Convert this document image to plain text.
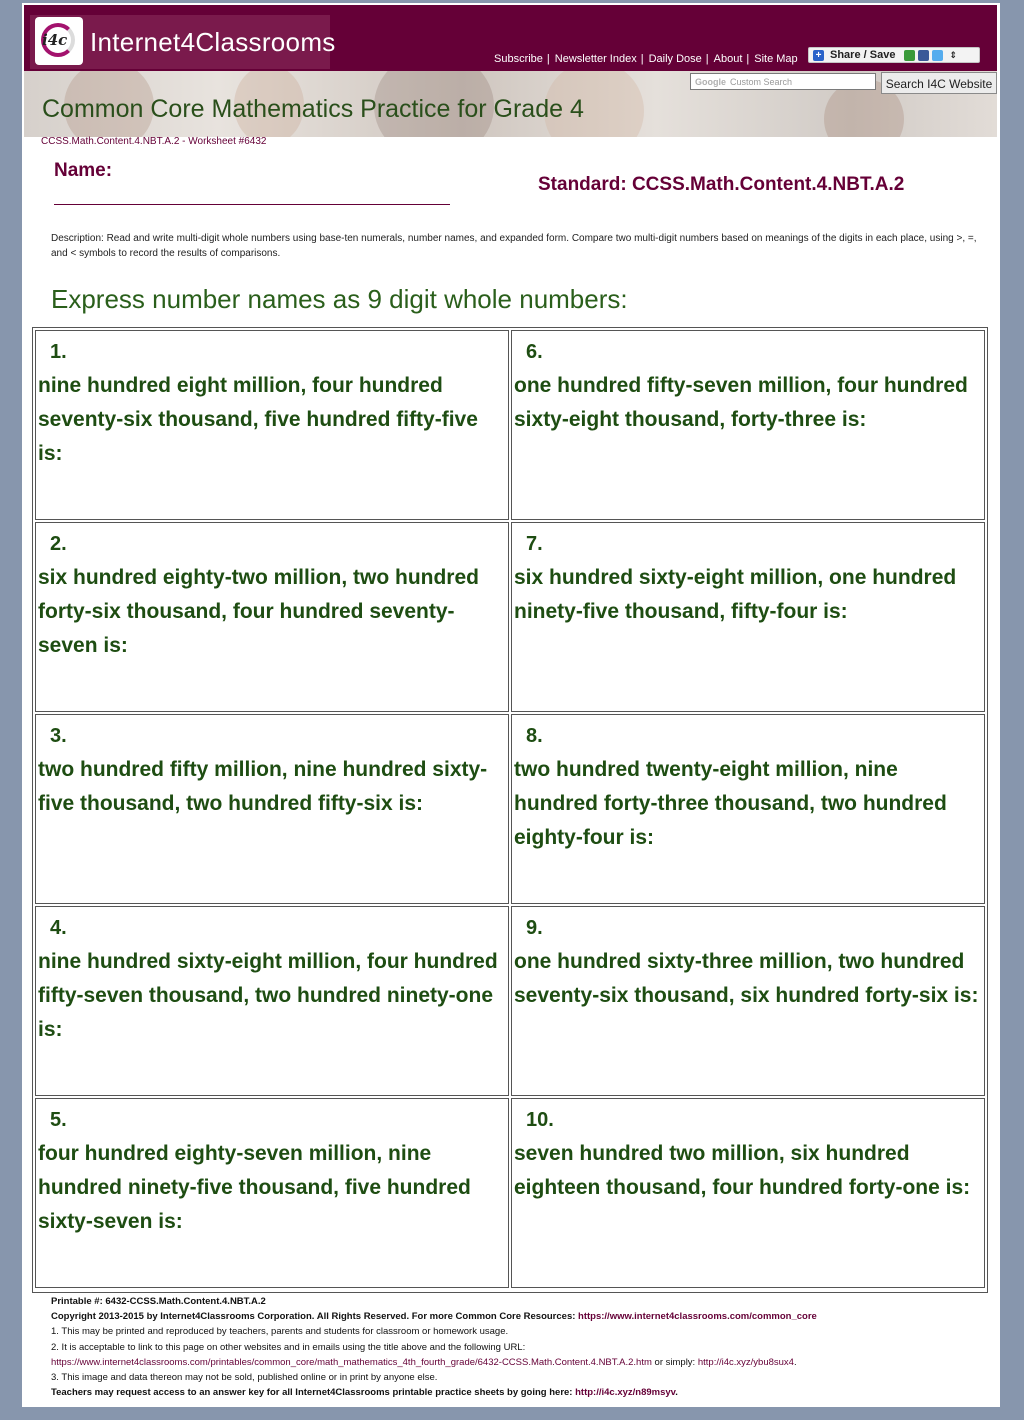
i4c Internet4Classrooms
Subscribe | Newsletter Index | Daily Dose | About | Site Map + Share / Save	⇕
Google Custom Search	Search I4C Website
Common Core Mathematics Practice for Grade 4
CCSS.Math.Content.4.NBT.A.2 - Worksheet #6432
Name:
Standard: CCSS.Math.Content.4.NBT.A.2
Description: Read and write multi-digit whole numbers using base-ten numerals, number names, and expanded form. Compare two multi-digit numbers based on meanings of the digits in each place, using >, =, and < symbols to record the results of comparisons.
Express number names as 9 digit whole numbers:
1.
nine hundred eight million, four hundred seventy-six thousand, five hundred fifty-five is:
2.
six hundred eighty-two million, two hundred forty-six thousand, four hundred seventy-seven is:
3.
two hundred fifty million, nine hundred sixty-five thousand, two hundred fifty-six is:
4.
nine hundred sixty-eight million, four hundred fifty-seven thousand, two hundred ninety-one is:
5.
four hundred eighty-seven million, nine hundred ninety-five thousand, five hundred sixty-seven is:
6.
one hundred fifty-seven million, four hundred sixty-eight thousand, forty-three is:
7.
six hundred sixty-eight million, one hundred ninety-five thousand, fifty-four is:
8.
two hundred twenty-eight million, nine hundred forty-three thousand, two hundred eighty-four is:
9.
one hundred sixty-three million, two hundred seventy-six thousand, six hundred forty-six is:
10.
seven hundred two million, six hundred eighteen thousand, four hundred forty-one is:
Printable #: 6432-CCSS.Math.Content.4.NBT.A.2
Copyright 2013-2015 by Internet4Classrooms Corporation. All Rights Reserved. For more Common Core Resources: https://www.internet4classrooms.com/common_core
1. This may be printed and reproduced by teachers, parents and students for classroom or homework usage.
2. It is acceptable to link to this page on other websites and in emails using the title above and the following URL:
https://www.internet4classrooms.com/printables/common_core/math_mathematics_4th_fourth_grade/6432-CCSS.Math.Content.4.NBT.A.2.htm or simply: http://i4c.xyz/ybu8sux4.
3. This image and data thereon may not be sold, published online or in print by anyone else.
Teachers may request access to an answer key for all Internet4Classrooms printable practice sheets by going here: http://i4c.xyz/n89msyv.
